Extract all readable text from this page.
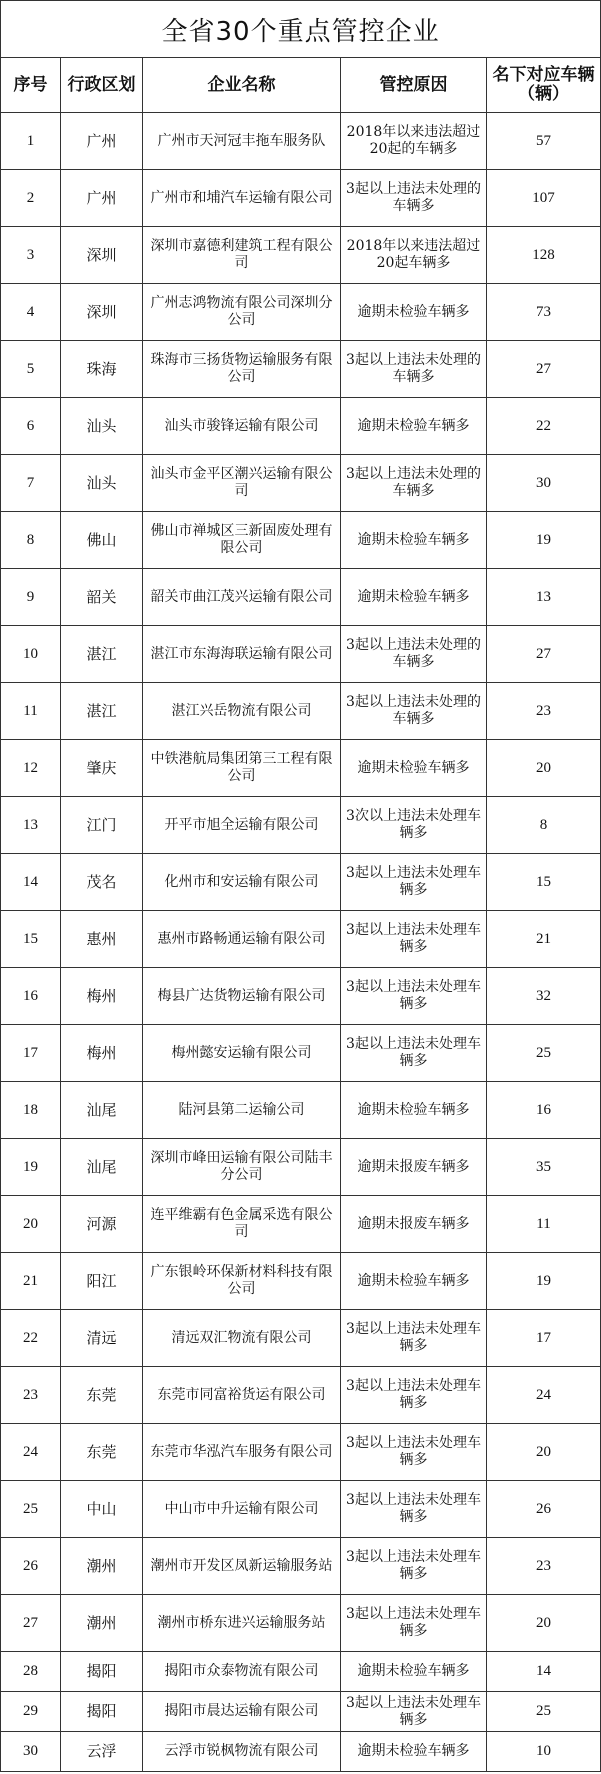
全省30个重点管控企业				
序号	行政区划	企业名称	管控原因	名下对应车辆（辆）
1	广州	广州市天河冠丰拖车服务队	2018年以来违法超过20起的车辆多	57
2	广州	广州市和埔汽车运输有限公司	3起以上违法未处理的车辆多	107
3	深圳	深圳市嘉德利建筑工程有限公司	2018年以来违法超过20起车辆多	128
4	深圳	广州志鸿物流有限公司深圳分公司	逾期未检验车辆多	73
5	珠海	珠海市三扬货物运输服务有限公司	3起以上违法未处理的车辆多	27
6	汕头	汕头市骏锋运输有限公司	逾期未检验车辆多	22
7	汕头	汕头市金平区潮兴运输有限公司	3起以上违法未处理的车辆多	30
8	佛山	佛山市禅城区三新固废处理有限公司	逾期未检验车辆多	19
9	韶关	韶关市曲江茂兴运输有限公司	逾期未检验车辆多	13
10	湛江	湛江市东海海联运输有限公司	3起以上违法未处理的车辆多	27
11	湛江	湛江兴岳物流有限公司	3起以上违法未处理的车辆多	23
12	肇庆	中铁港航局集团第三工程有限公司	逾期未检验车辆多	20
13	江门	开平市旭全运输有限公司	3次以上违法未处理车辆多	8
14	茂名	化州市和安运输有限公司	3起以上违法未处理车辆多	15
15	惠州	惠州市路畅通运输有限公司	3起以上违法未处理车辆多	21
16	梅州	梅县广达货物运输有限公司	3起以上违法未处理车辆多	32
17	梅州	梅州懿安运输有限公司	3起以上违法未处理车辆多	25
18	汕尾	陆河县第二运输公司	逾期未检验车辆多	16
19	汕尾	深圳市峰田运输有限公司陆丰分公司	逾期未报废车辆多	35
20	河源	连平维霸有色金属采选有限公司	逾期未报废车辆多	11
21	阳江	广东银岭环保新材料科技有限公司	逾期未检验车辆多	19
22	清远	清远双汇物流有限公司	3起以上违法未处理车辆多	17
23	东莞	东莞市同富裕货运有限公司	3起以上违法未处理车辆多	24
24	东莞	东莞市华泓汽车服务有限公司	3起以上违法未处理车辆多	20
25	中山	中山市中升运输有限公司	3起以上违法未处理车辆多	26
26	潮州	潮州市开发区凤新运输服务站	3起以上违法未处理车辆多	23
27	潮州	潮州市桥东进兴运输服务站	3起以上违法未处理车辆多	20
28	揭阳	揭阳市众泰物流有限公司	逾期未检验车辆多	14
29	揭阳	揭阳市晨达运输有限公司	3起以上违法未处理车辆多	25
30	云浮	云浮市锐枫物流有限公司	逾期未检验车辆多	10
